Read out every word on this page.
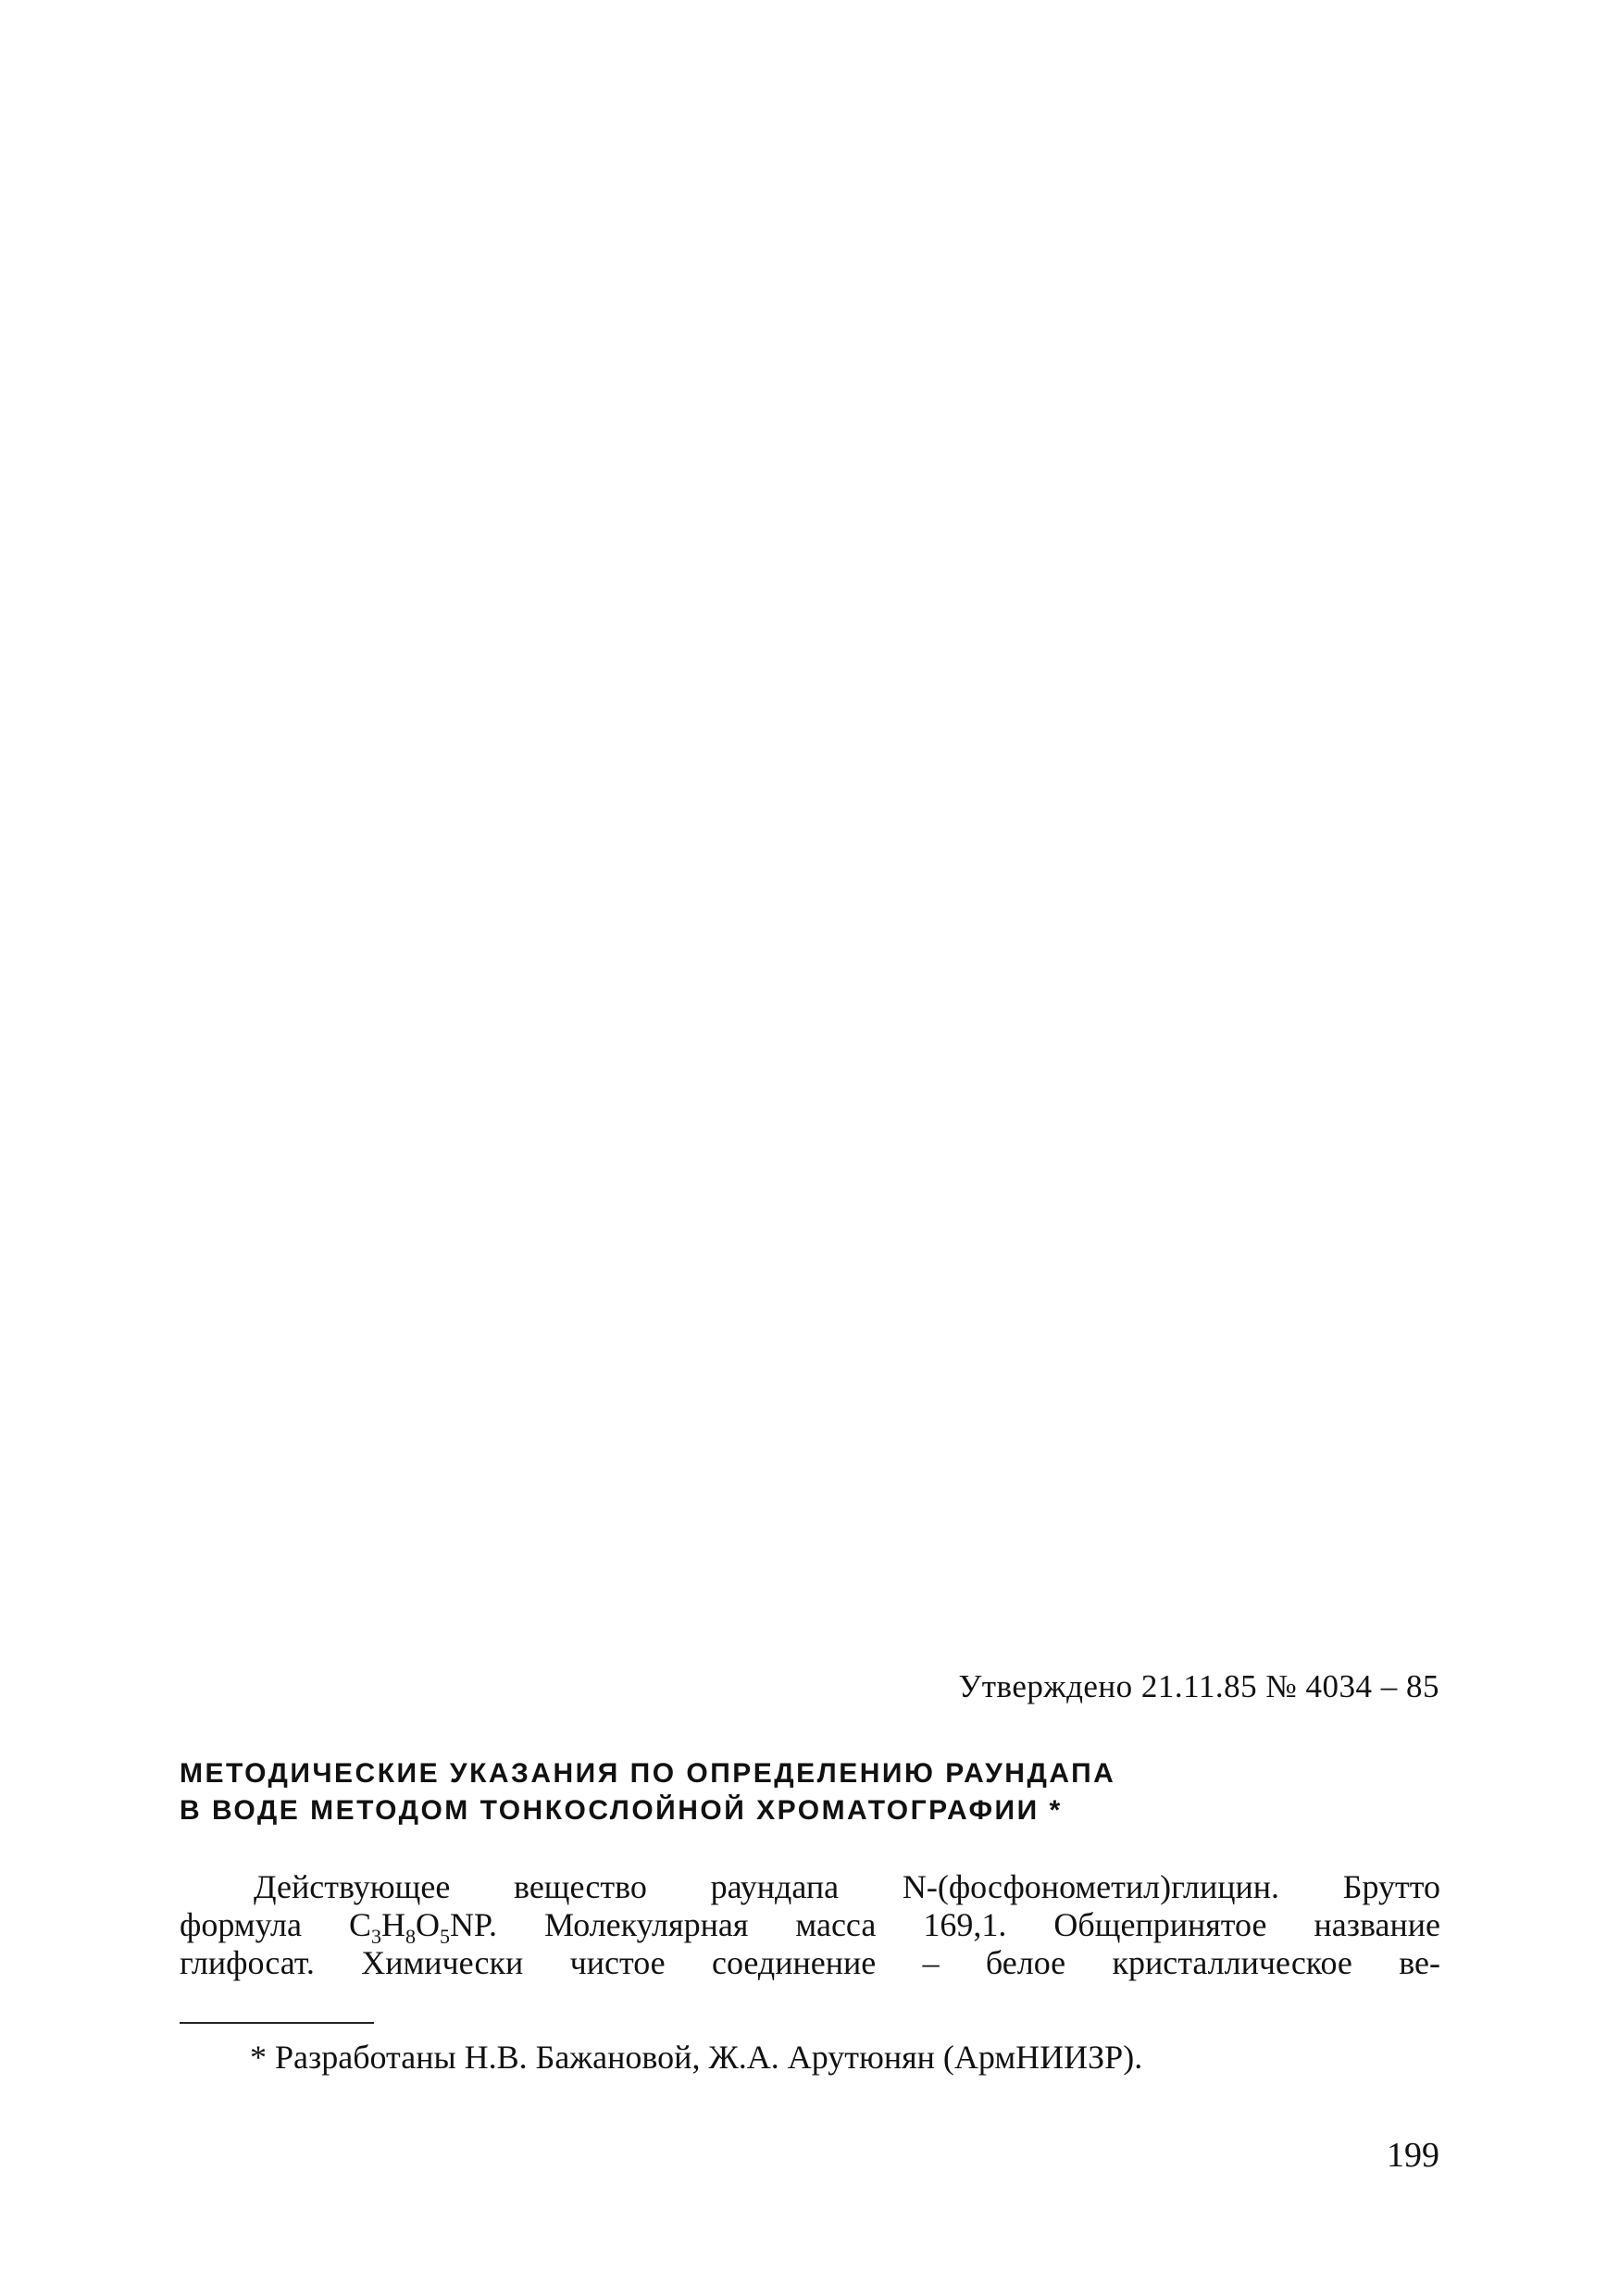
Утверждено 21.11.85 № 4034 – 85
МЕТОДИЧЕСКИЕ УКАЗАНИЯ ПО ОПРЕДЕЛЕНИЮ РАУНДАПА
В ВОДЕ МЕТОДОМ ТОНКОСЛОЙНОЙ ХРОМАТОГРАФИИ *
Действующее вещество раундапа N-(фосфонометил)глицин. Брутто
формула $C_3H_8O_5NP$. Молекулярная масса 169,1. Общепринятое название
глифосат. Химически чистое соединение – белое кристаллическое ве-
* Разработаны Н.В. Бажановой, Ж.А. Арутюнян (АрмНИИЗР).
199
